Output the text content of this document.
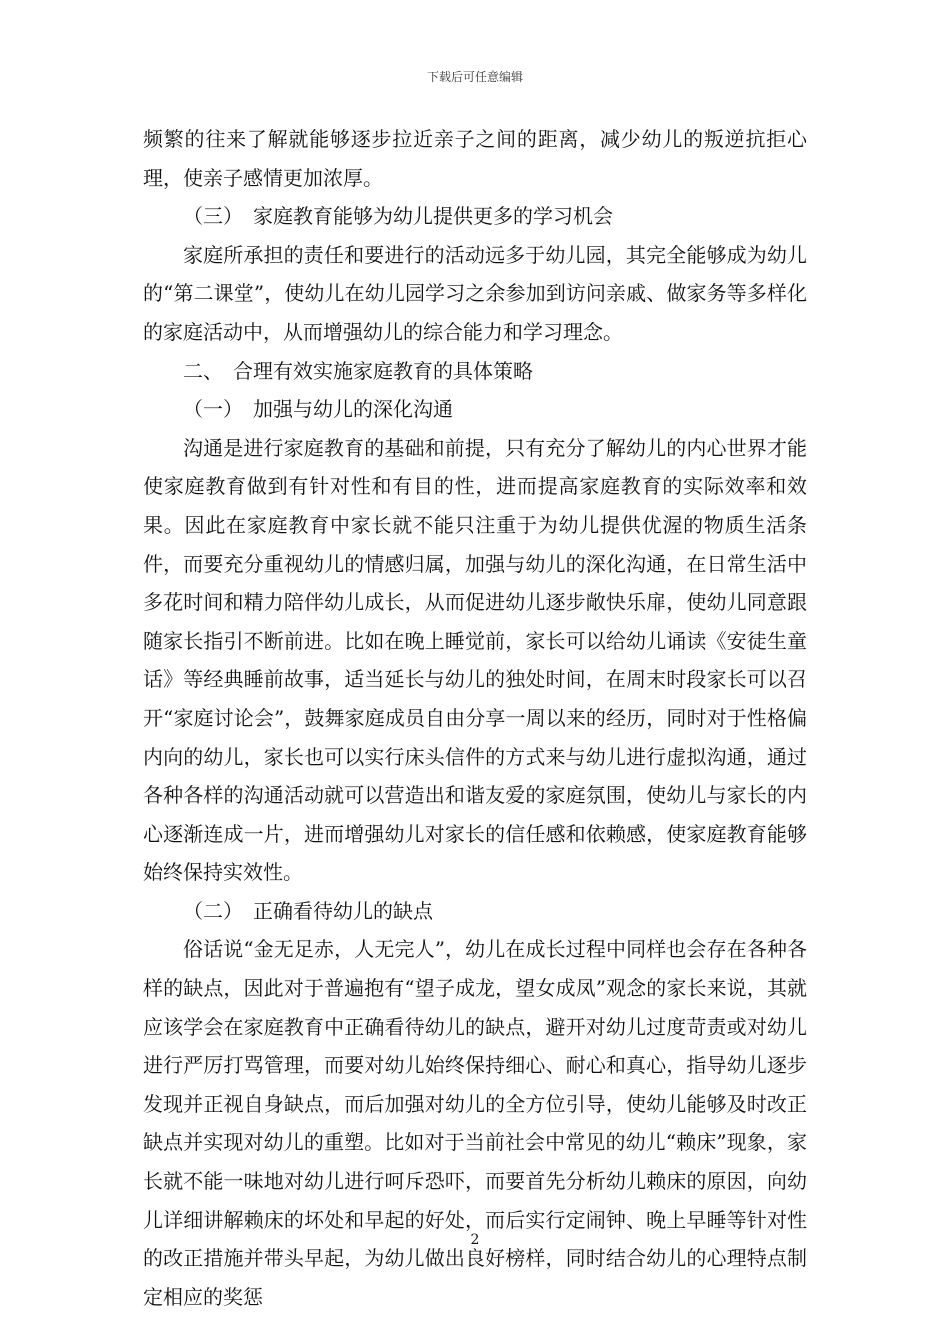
下载后可任意编辑

频繁的往来了解就能够逐步拉近亲子之间的距离，减少幼儿的叛逆抗拒心理，使亲子感情更加浓厚。

（三）　家庭教育能够为幼儿提供更多的学习机会

家庭所承担的责任和要进行的活动远多于幼儿园，其完全能够成为幼儿的“第二课堂”，使幼儿在幼儿园学习之余参加到访问亲戚、做家务等多样化的家庭活动中，从而增强幼儿的综合能力和学习理念。

二、　合理有效实施家庭教育的具体策略

（一）　加强与幼儿的深化沟通

沟通是进行家庭教育的基础和前提，只有充分了解幼儿的内心世界才能使家庭教育做到有针对性和有目的性，进而提高家庭教育的实际效率和效果。因此在家庭教育中家长就不能只注重于为幼儿提供优渥的物质生活条件，而要充分重视幼儿的情感归属，加强与幼儿的深化沟通，在日常生活中多花时间和精力陪伴幼儿成长，从而促进幼儿逐步敞快乐扉，使幼儿同意跟随家长指引不断前进。比如在晚上睡觉前，家长可以给幼儿诵读《安徒生童话》等经典睡前故事，适当延长与幼儿的独处时间，在周末时段家长可以召开“家庭讨论会”，鼓舞家庭成员自由分享一周以来的经历，同时对于性格偏内向的幼儿，家长也可以实行床头信件的方式来与幼儿进行虚拟沟通，通过各种各样的沟通活动就可以营造出和谐友爱的家庭氛围，使幼儿与家长的内心逐渐连成一片，进而增强幼儿对家长的信任感和依赖感，使家庭教育能够始终保持实效性。

（二）　正确看待幼儿的缺点

俗话说“金无足赤，人无完人”，幼儿在成长过程中同样也会存在各种各样的缺点，因此对于普遍抱有“望子成龙，望女成凤”观念的家长来说，其就应该学会在家庭教育中正确看待幼儿的缺点，避开对幼儿过度苛责或对幼儿进行严厉打骂管理，而要对幼儿始终保持细心、耐心和真心，指导幼儿逐步发现并正视自身缺点，而后加强对幼儿的全方位引导，使幼儿能够及时改正缺点并实现对幼儿的重塑。比如对于当前社会中常见的幼儿“赖床”现象，家长就不能一味地对幼儿进行呵斥恐吓，而要首先分析幼儿赖床的原因，向幼儿详细讲解赖床的坏处和早起的好处，而后实行定闹钟、晚上早睡等针对性的改正措施并带头早起，为幼儿做出良好榜样，同时结合幼儿的心理特点制定相应的奖惩

2
